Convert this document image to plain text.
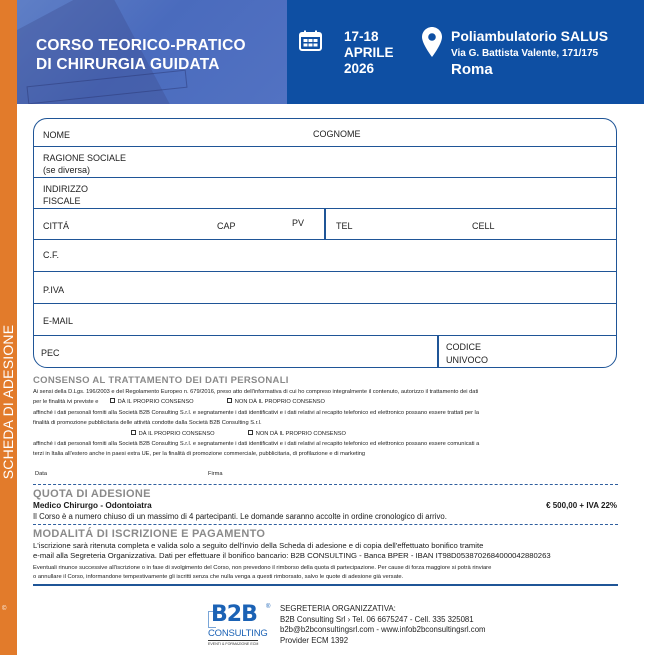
SCHEDA DI ADESIONE
©
CORSO TEORICO-PRATICO
DI CHIRURGIA GUIDATA
17-18
APRILE
2026
Poliambulatorio SALUS
Via G. Battista Valente, 171/175
Roma
NOME	COGNOME
RAGIONE SOCIALE
(se diversa)
INDIRIZZO
FISCALE
CITTÁ	CAP	PV	TEL	CELL
C.F.
P.IVA
E-MAIL
PEC
CODICE
UNIVOCO
CONSENSO AL TRATTAMENTO DEI DATI PERSONALI
Ai sensi della D.Lgs. 196/2003 e del Regolamento Europeo n. 679/2016, preso atto dell'informativa di cui ho compreso integralmente il contenuto, autorizzo il trattamento dei dati
per le finalità ivi previste e	DÀ IL PROPRIO CONSENSO	NON DÀ IL PROPRIO CONSENSO
affinché i dati personali forniti alla Società B2B Consulting S.r.l. e segnatamente i dati identificativi e i dati relativi al recapito telefonico ed elettronico possano essere trattati per la
finalità di promozione pubblicitaria delle attività condotte dalla Società B2B Consulting S.r.l.
DÀ IL PROPRIO CONSENSO	NON DÀ IL PROPRIO CONSENSO
affinché i dati personali forniti alla Società B2B Consulting S.r.l. e segnatamente i dati identificativi e i dati relativi al recapito telefonico ed elettronico possano essere comunicati a
terzi in Italia all'estero anche in paesi extra UE, per la finalità di promozione commerciale, pubblicitaria, di profilazione e di marketing
Data	Firma
QUOTA DI ADESIONE
Medico Chirurgo - Odontoiatra	€ 500,00 + IVA 22%
Il Corso è a numero chiuso di un massimo di 4 partecipanti. Le domande saranno accolte in ordine cronologico di arrivo.
MODALITÁ DI ISCRIZIONE E PAGAMENTO
L'iscrizione sarà ritenuta completa e valida solo a seguito dell'invio della Scheda di adesione e di copia dell'effettuato bonifico tramite
e-mail alla Segreteria Organizzativa. Dati per effettuare il bonifico bancario: B2B CONSULTING - Banca BPER - IBAN IT98D0538702684000042880263
Eventuali rinunce successive all'iscrizione o in fase di svolgimento del Corso, non prevedono il rimborso della quota di partecipazione. Per cause di forza maggiore si potrà rinviare
o annullare il Corso, informandone tempestivamente gli iscritti senza che nulla venga a questi rimborsato, salvo le quote di adesione già versate.
B2B ®
CONSULTING
EVENTI & FORMAZIONE ECM
SEGRETERIA ORGANIZZATIVA:
B2B Consulting Srl › Tel. 06 6675247 - Cell. 335 325081
b2b@b2bconsultingsrl.com - www.infob2bconsultingsrl.com
Provider ECM 1392
